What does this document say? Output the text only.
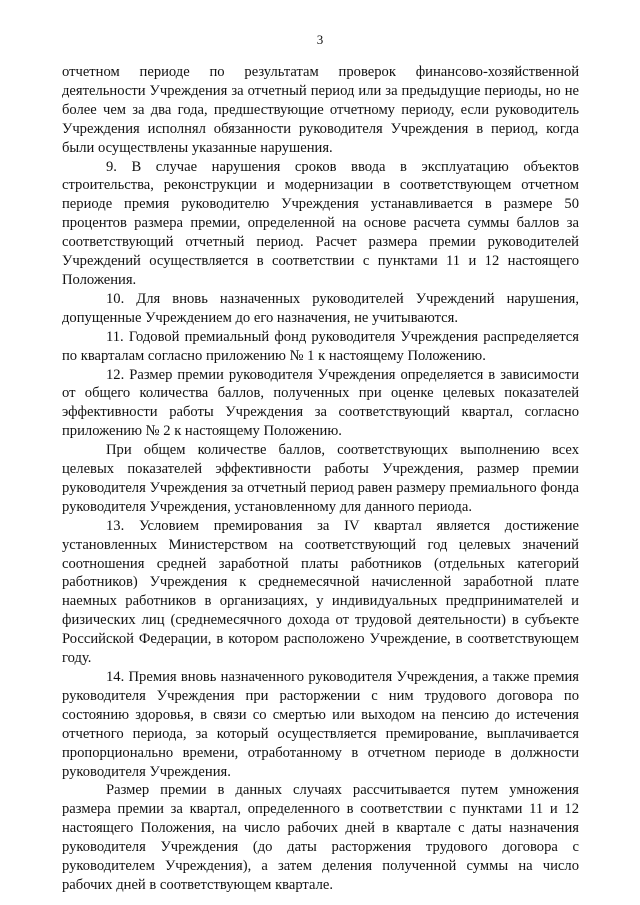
3

отчетном периоде по результатам проверок финансово-хозяйственной деятельности Учреждения за отчетный период или за предыдущие периоды, но не более чем за два года, предшествующие отчетному периоду, если руководитель Учреждения исполнял обязанности руководителя Учреждения в период, когда были осуществлены указанные нарушения.

9. В случае нарушения сроков ввода в эксплуатацию объектов строительства, реконструкции и модернизации в соответствующем отчетном периоде премия руководителю Учреждения устанавливается в размере 50 процентов размера премии, определенной на основе расчета суммы баллов за соответствующий отчетный период. Расчет размера премии руководителей Учреждений осуществляется в соответствии с пунктами 11 и 12 настоящего Положения.

10. Для вновь назначенных руководителей Учреждений нарушения, допущенные Учреждением до его назначения, не учитываются.

11. Годовой премиальный фонд руководителя Учреждения распределяется по кварталам согласно приложению № 1 к настоящему Положению.

12. Размер премии руководителя Учреждения определяется в зависимости от общего количества баллов, полученных при оценке целевых показателей эффективности работы Учреждения за соответствующий квартал, согласно приложению № 2 к настоящему Положению.

При общем количестве баллов, соответствующих выполнению всех целевых показателей эффективности работы Учреждения, размер премии руководителя Учреждения за отчетный период равен размеру премиального фонда руководителя Учреждения, установленному для данного периода.

13. Условием премирования за IV квартал является достижение установленных Министерством на соответствующий год целевых значений соотношения средней заработной платы работников (отдельных категорий работников) Учреждения к среднемесячной начисленной заработной плате наемных работников в организациях, у индивидуальных предпринимателей и физических лиц (среднемесячного дохода от трудовой деятельности) в субъекте Российской Федерации, в котором расположено Учреждение, в соответствующем году.

14. Премия вновь назначенного руководителя Учреждения, а также премия руководителя Учреждения при расторжении с ним трудового договора по состоянию здоровья, в связи со смертью или выходом на пенсию до истечения отчетного периода, за который осуществляется премирование, выплачивается пропорционально времени, отработанному в отчетном периоде в должности руководителя Учреждения.

Размер премии в данных случаях рассчитывается путем умножения размера премии за квартал, определенного в соответствии с пунктами 11 и 12 настоящего Положения, на число рабочих дней в квартале с даты назначения руководителя Учреждения (до даты расторжения трудового договора с руководителем Учреждения), а затем деления полученной суммы на число рабочих дней в соответствующем квартале.
